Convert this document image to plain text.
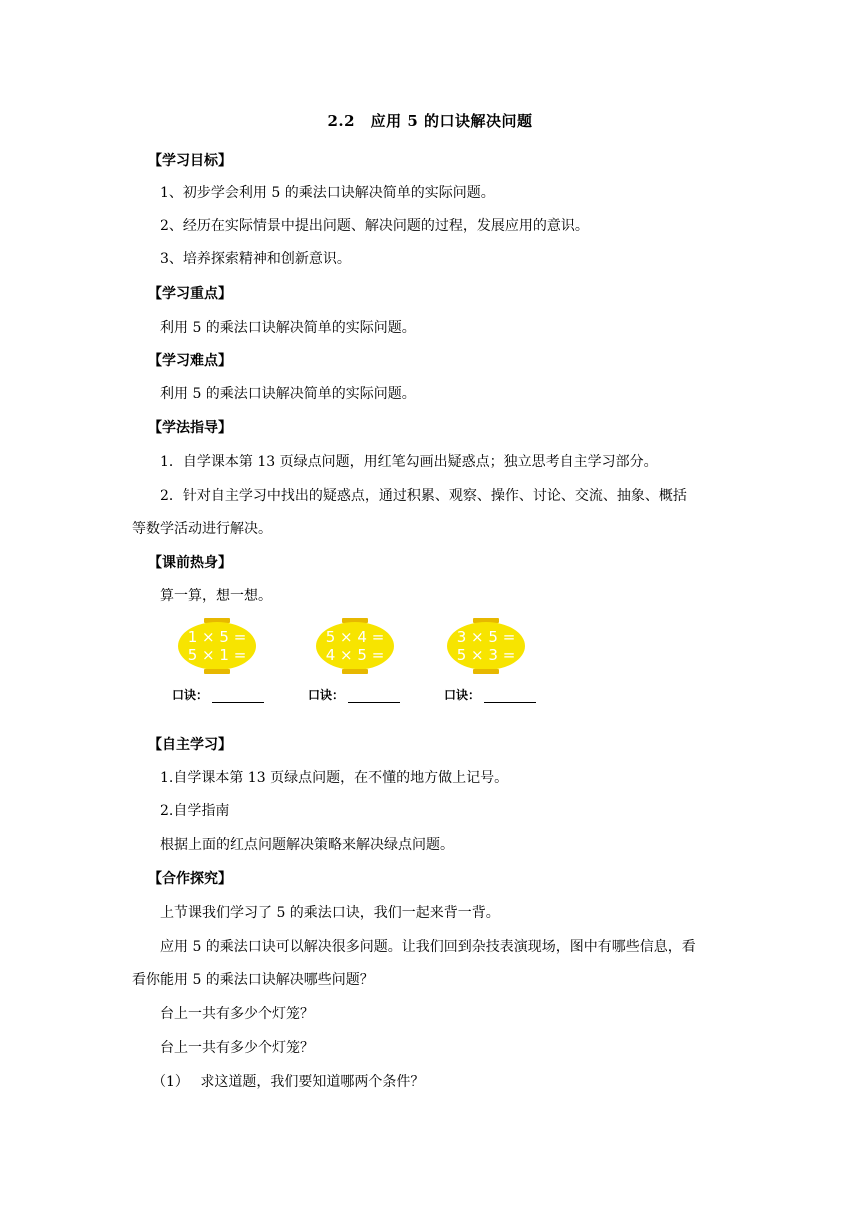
2.2　应用 5 的口诀解决问题
【学习目标】
1、初步学会利用 5 的乘法口诀解决简单的实际问题。
2、经历在实际情景中提出问题、解决问题的过程，发展应用的意识。
3、培养探索精神和创新意识。
【学习重点】
利用 5 的乘法口诀解决简单的实际问题。
【学习难点】
利用 5 的乘法口诀解决简单的实际问题。
【学法指导】
1．自学课本第 13 页绿点问题，用红笔勾画出疑惑点；独立思考自主学习部分。
2．针对自主学习中找出的疑惑点，通过积累、观察、操作、讨论、交流、抽象、概括
等数学活动进行解决。
【课前热身】
算一算，想一想。
1 × 5 =
5 × 1 =
5 × 4 =
4 × 5 =
3 × 5 =
5 × 3 =
口诀：	口诀：	口诀：
【自主学习】
1.自学课本第 13 页绿点问题，在不懂的地方做上记号。
2.自学指南
根据上面的红点问题解决策略来解决绿点问题。
【合作探究】
上节课我们学习了 5 的乘法口诀，我们一起来背一背。
应用 5 的乘法口诀可以解决很多问题。让我们回到杂技表演现场，图中有哪些信息，看
看你能用 5 的乘法口诀解决哪些问题？
台上一共有多少个灯笼？
台上一共有多少个灯笼？
（1）　 求这道题，我们要知道哪两个条件？
